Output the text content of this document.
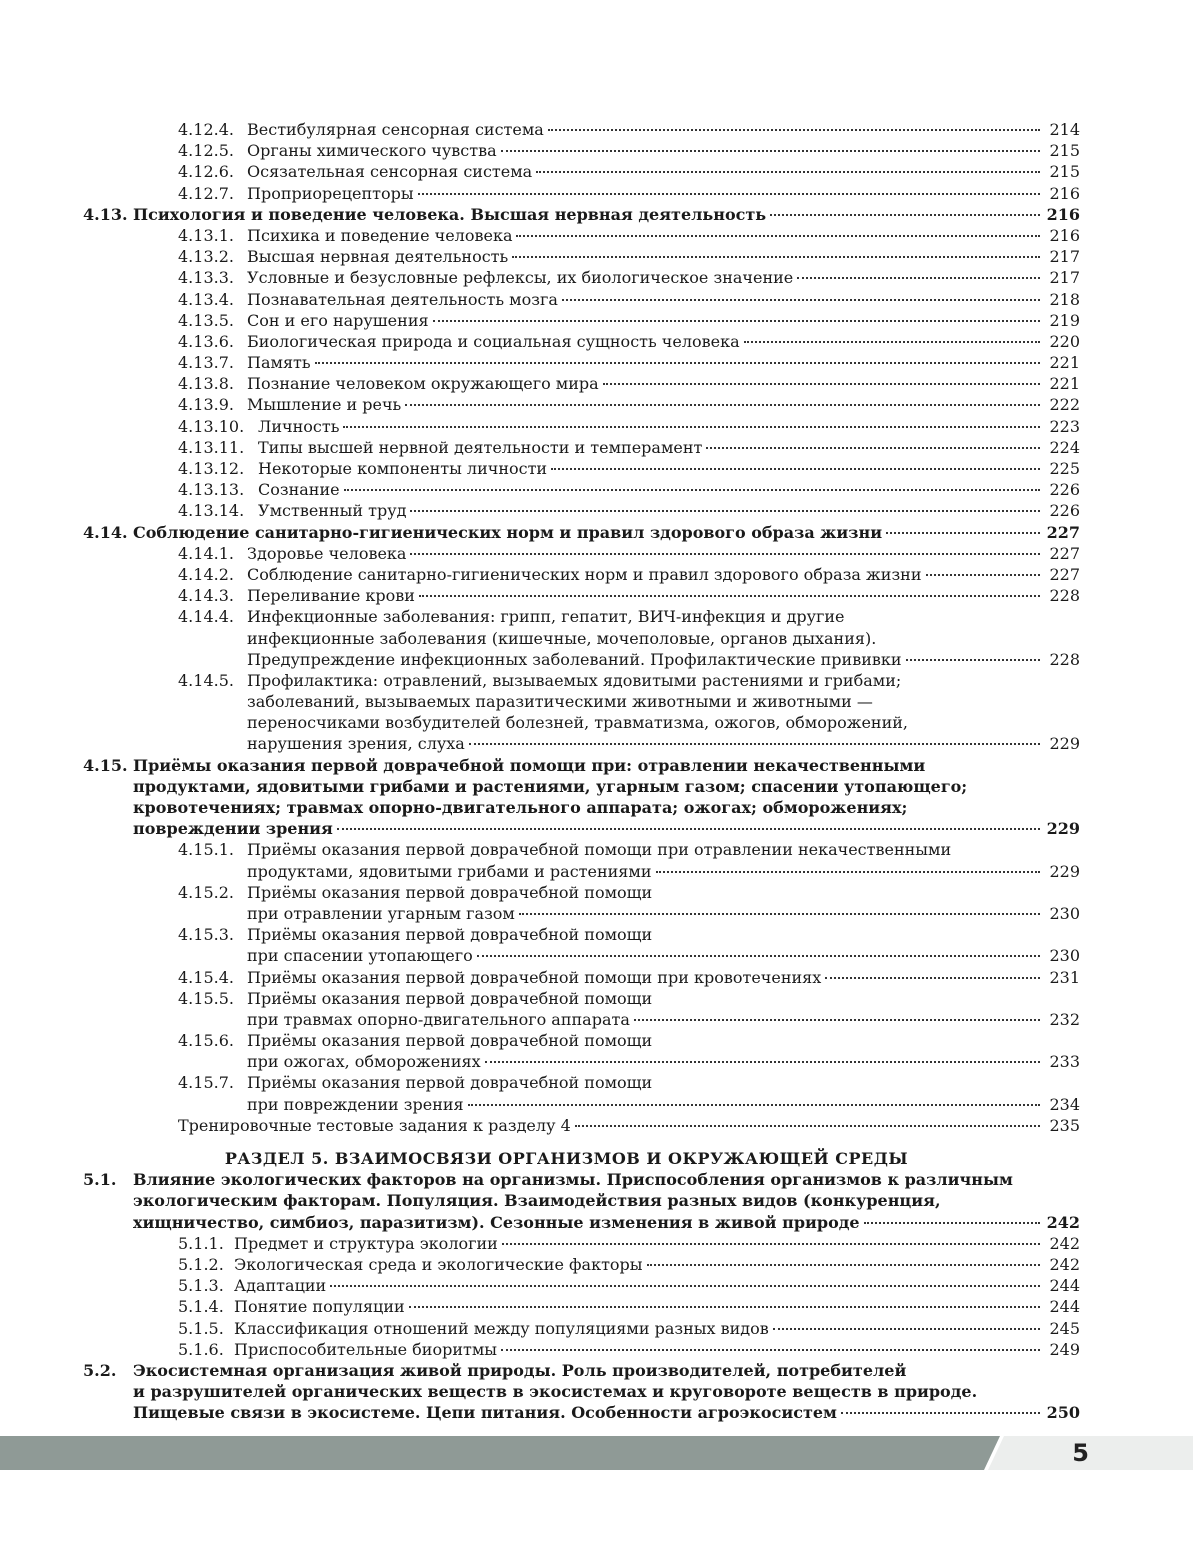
4.12.4. Вестибулярная сенсорная система	214
4.12.5. Органы химического чувства	215
4.12.6. Осязательная сенсорная система	215
4.12.7. Проприорецепторы	216
4.13. Психология и поведение человека. Высшая нервная деятельность	216
4.13.1. Психика и поведение человека	216
4.13.2. Высшая нервная деятельность	217
4.13.3. Условные и безусловные рефлексы, их биологическое значение	217
4.13.4. Познавательная деятельность мозга	218
4.13.5. Сон и его нарушения	219
4.13.6. Биологическая природа и социальная сущность человека	220
4.13.7. Память	221
4.13.8. Познание человеком окружающего мира	221
4.13.9. Мышление и речь	222
4.13.10. Личность	223
4.13.11. Типы высшей нервной деятельности и темперамент	224
4.13.12. Некоторые компоненты личности	225
4.13.13. Сознание	226
4.13.14. Умственный труд	226
4.14. Соблюдение санитарно-гигиенических норм и правил здорового образа жизни	227
4.14.1. Здоровье человека	227
4.14.2. Соблюдение санитарно-гигиенических норм и правил здорового образа жизни	227
4.14.3. Переливание крови	228
4.14.4. Инфекционные заболевания: грипп, гепатит, ВИЧ-инфекция и другие
инфекционные заболевания (кишечные, мочеполовые, органов дыхания).
Предупреждение инфекционных заболеваний. Профилактические прививки	228
4.14.5. Профилактика: отравлений, вызываемых ядовитыми растениями и грибами;
заболеваний, вызываемых паразитическими животными и животными —
переносчиками возбудителей болезней, травматизма, ожогов, обморожений,
нарушения зрения, слуха	229
4.15. Приёмы оказания первой доврачебной помощи при: отравлении некачественными
продуктами, ядовитыми грибами и растениями, угарным газом; спасении утопающего;
кровотечениях; травмах опорно-двигательного аппарата; ожогах; обморожениях;
повреждении зрения	229
4.15.1. Приёмы оказания первой доврачебной помощи при отравлении некачественными
продуктами, ядовитыми грибами и растениями	229
4.15.2. Приёмы оказания первой доврачебной помощи
при отравлении угарным газом	230
4.15.3. Приёмы оказания первой доврачебной помощи
при спасении утопающего	230
4.15.4. Приёмы оказания первой доврачебной помощи при кровотечениях	231
4.15.5. Приёмы оказания первой доврачебной помощи
при травмах опорно-двигательного аппарата	232
4.15.6. Приёмы оказания первой доврачебной помощи
при ожогах, обморожениях	233
4.15.7. Приёмы оказания первой доврачебной помощи
при повреждении зрения	234
Тренировочные тестовые задания к разделу 4	235
РАЗДЕЛ 5. ВЗАИМОСВЯЗИ ОРГАНИЗМОВ И ОКРУЖАЮЩЕЙ СРЕДЫ
5.1.	Влияние экологических факторов на организмы. Приспособления организмов к различным
экологическим факторам. Популяция. Взаимодействия разных видов (конкуренция,
хищничество, симбиоз, паразитизм). Сезонные изменения в живой природе	242
5.1.1. Предмет и структура экологии	242
5.1.2. Экологическая среда и экологические факторы	242
5.1.3. Адаптации	244
5.1.4. Понятие популяции	244
5.1.5. Классификация отношений между популяциями разных видов	245
5.1.6. Приспособительные биоритмы	249
5.2.	Экосистемная организация живой природы. Роль производителей, потребителей
и разрушителей органических веществ в экосистемах и круговороте веществ в природе.
Пищевые связи в экосистеме. Цепи питания. Особенности агроэкосистем	250
5
